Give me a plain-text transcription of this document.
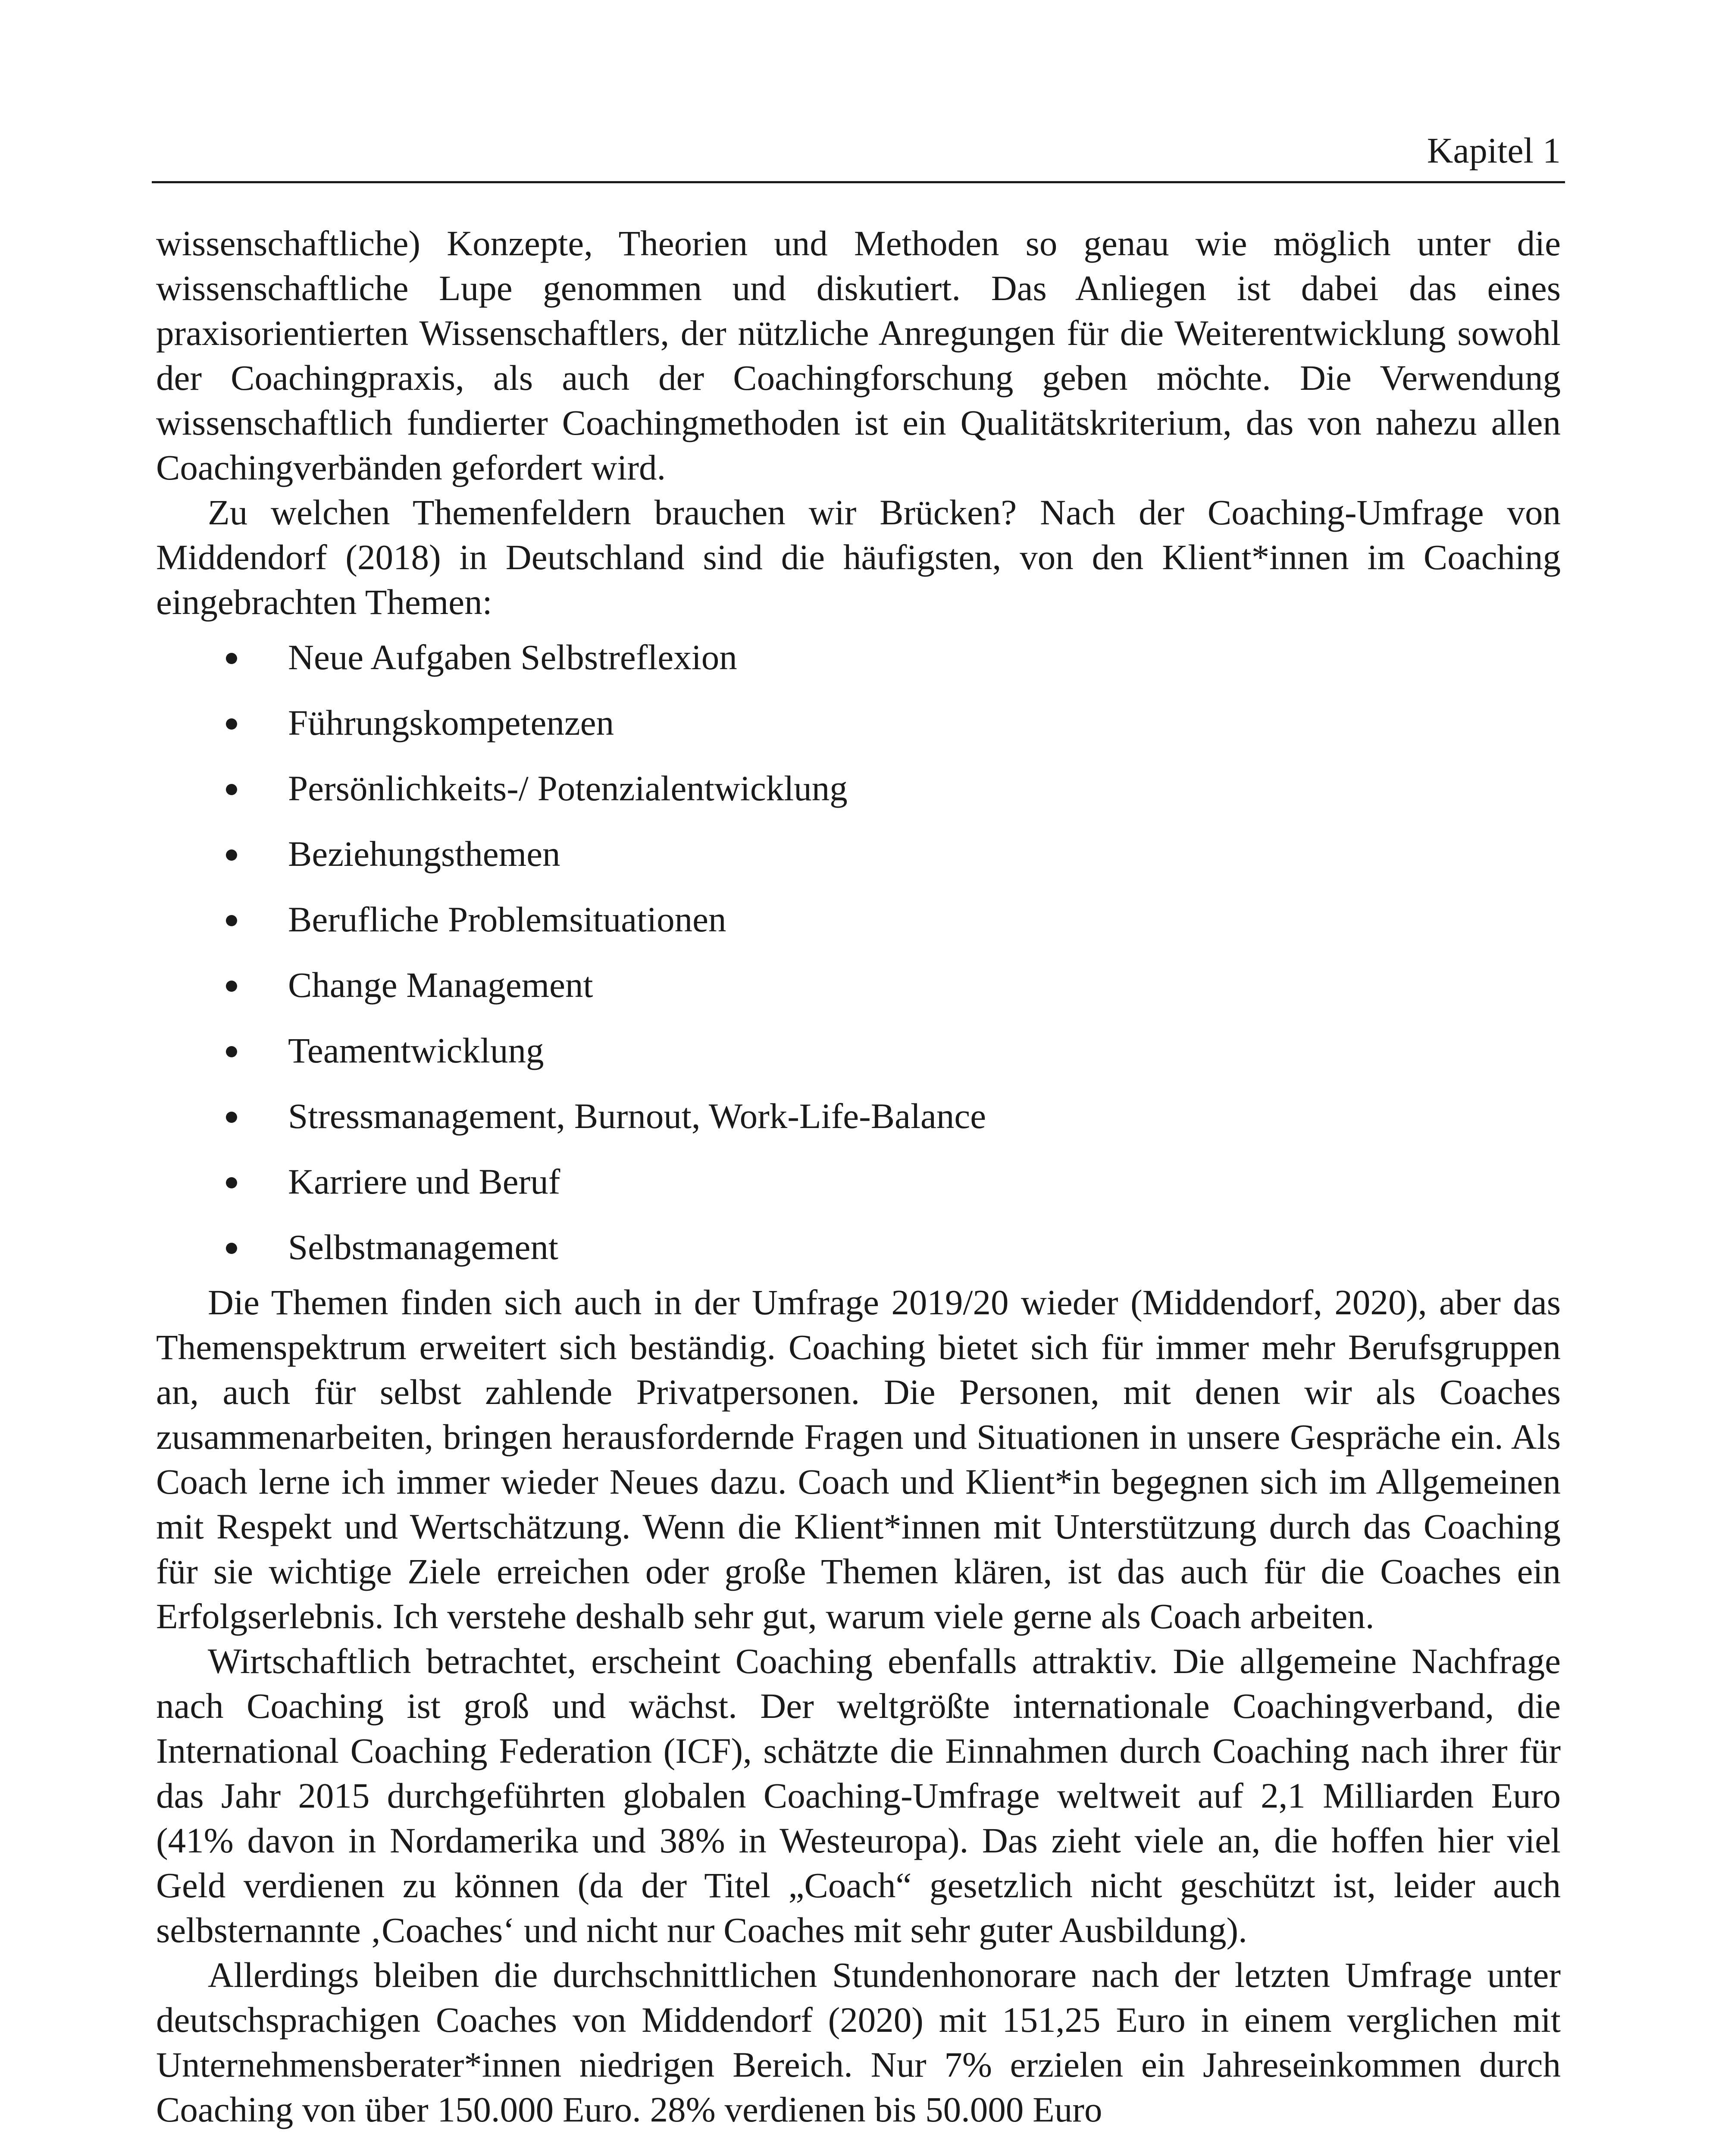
Kapitel 1

wissenschaftliche) Konzepte, Theorien und Methoden so genau wie möglich unter die wissenschaftliche Lupe genommen und diskutiert. Das Anliegen ist dabei das eines praxisorientierten Wissenschaftlers, der nützliche Anregungen für die Weiterentwicklung sowohl der Coachingpraxis, als auch der Coachingforschung geben möchte. Die Verwendung wissenschaftlich fundierter Coachingmethoden ist ein Qualitätskriterium, das von nahezu allen Coachingverbänden gefordert wird.

Zu welchen Themenfeldern brauchen wir Brücken? Nach der Coaching-Umfrage von Middendorf (2018) in Deutschland sind die häufigsten, von den Klient*innen im Coaching eingebrachten Themen:

Neue Aufgaben Selbstreflexion
Führungskompetenzen
Persönlichkeits-/ Potenzialentwicklung
Beziehungsthemen
Berufliche Problemsituationen
Change Management
Teamentwicklung
Stressmanagement, Burnout, Work-Life-Balance
Karriere und Beruf
Selbstmanagement

Die Themen finden sich auch in der Umfrage 2019/20 wieder (Middendorf, 2020), aber das Themenspektrum erweitert sich beständig. Coaching bietet sich für immer mehr Berufsgruppen an, auch für selbst zahlende Privatpersonen. Die Personen, mit denen wir als Coaches zusammenarbeiten, bringen herausfordernde Fragen und Situationen in unsere Gespräche ein. Als Coach lerne ich immer wieder Neues dazu. Coach und Klient*in begegnen sich im Allgemeinen mit Respekt und Wertschätzung. Wenn die Klient*innen mit Unterstützung durch das Coaching für sie wichtige Ziele erreichen oder große Themen klären, ist das auch für die Coaches ein Erfolgserlebnis. Ich verstehe deshalb sehr gut, warum viele gerne als Coach arbeiten.

Wirtschaftlich betrachtet, erscheint Coaching ebenfalls attraktiv. Die allgemeine Nachfrage nach Coaching ist groß und wächst. Der weltgrößte internationale Coachingverband, die International Coaching Federation (ICF), schätzte die Einnahmen durch Coaching nach ihrer für das Jahr 2015 durchgeführten globalen Coaching-Umfrage weltweit auf 2,1 Milliarden Euro (41% davon in Nordamerika und 38% in Westeuropa). Das zieht viele an, die hoffen hier viel Geld verdienen zu können (da der Titel „Coach“ gesetzlich nicht geschützt ist, leider auch selbsternannte ‚Coaches‘ und nicht nur Coaches mit sehr guter Ausbildung).

Allerdings bleiben die durchschnittlichen Stundenhonorare nach der letzten Umfrage unter deutschsprachigen Coaches von Middendorf (2020) mit 151,25 Euro in einem verglichen mit Unternehmensberater*innen niedrigen Bereich. Nur 7% erzielen ein Jahreseinkommen durch Coaching von über 150.000 Euro. 28% verdienen bis 50.000 Euro
